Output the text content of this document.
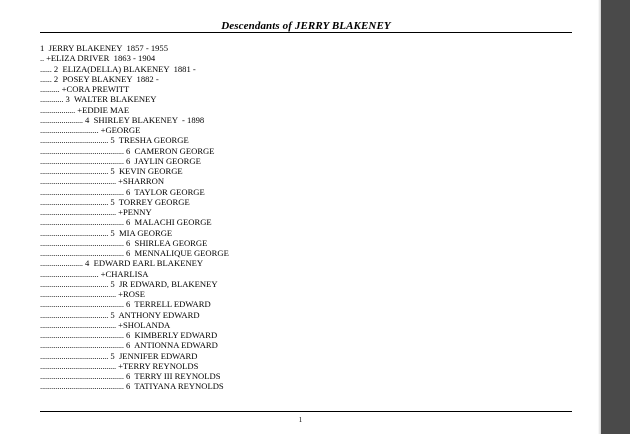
Descendants of JERRY BLAKENEY
1  JERRY BLAKENEY  1857 - 1955
.. +ELIZA DRIVER  1863 - 1904
...... 2  ELIZA(DELLA) BLAKENEY  1881 -
...... 2  POSEY BLAKNEY  1882 -
.......... +CORA PREWITT
............ 3  WALTER BLAKENEY
.................. +EDDIE MAE
...................... 4  SHIRLEY BLAKENEY  - 1898
.............................. +GEORGE
................................... 5  TRESHA GEORGE
........................................... 6  CAMERON GEORGE
........................................... 6  JAYLIN GEORGE
................................... 5  KEVIN GEORGE
....................................... +SHARRON
........................................... 6  TAYLOR GEORGE
................................... 5  TORREY GEORGE
....................................... +PENNY
........................................... 6  MALACHI GEORGE
................................... 5  MIA GEORGE
........................................... 6  SHIRLEA GEORGE
........................................... 6  MENNALIQUE GEORGE
...................... 4  EDWARD EARL BLAKENEY
.............................. +CHARLISA
................................... 5  JR EDWARD, BLAKENEY
....................................... +ROSE
........................................... 6  TERRELL EDWARD
................................... 5  ANTHONY EDWARD
....................................... +SHOLANDA
........................................... 6  KIMBERLY EDWARD
........................................... 6  ANTIONNA EDWARD
................................... 5  JENNIFER EDWARD
....................................... +TERRY REYNOLDS
........................................... 6  TERRY III REYNOLDS
........................................... 6  TATIYANA REYNOLDS
1
